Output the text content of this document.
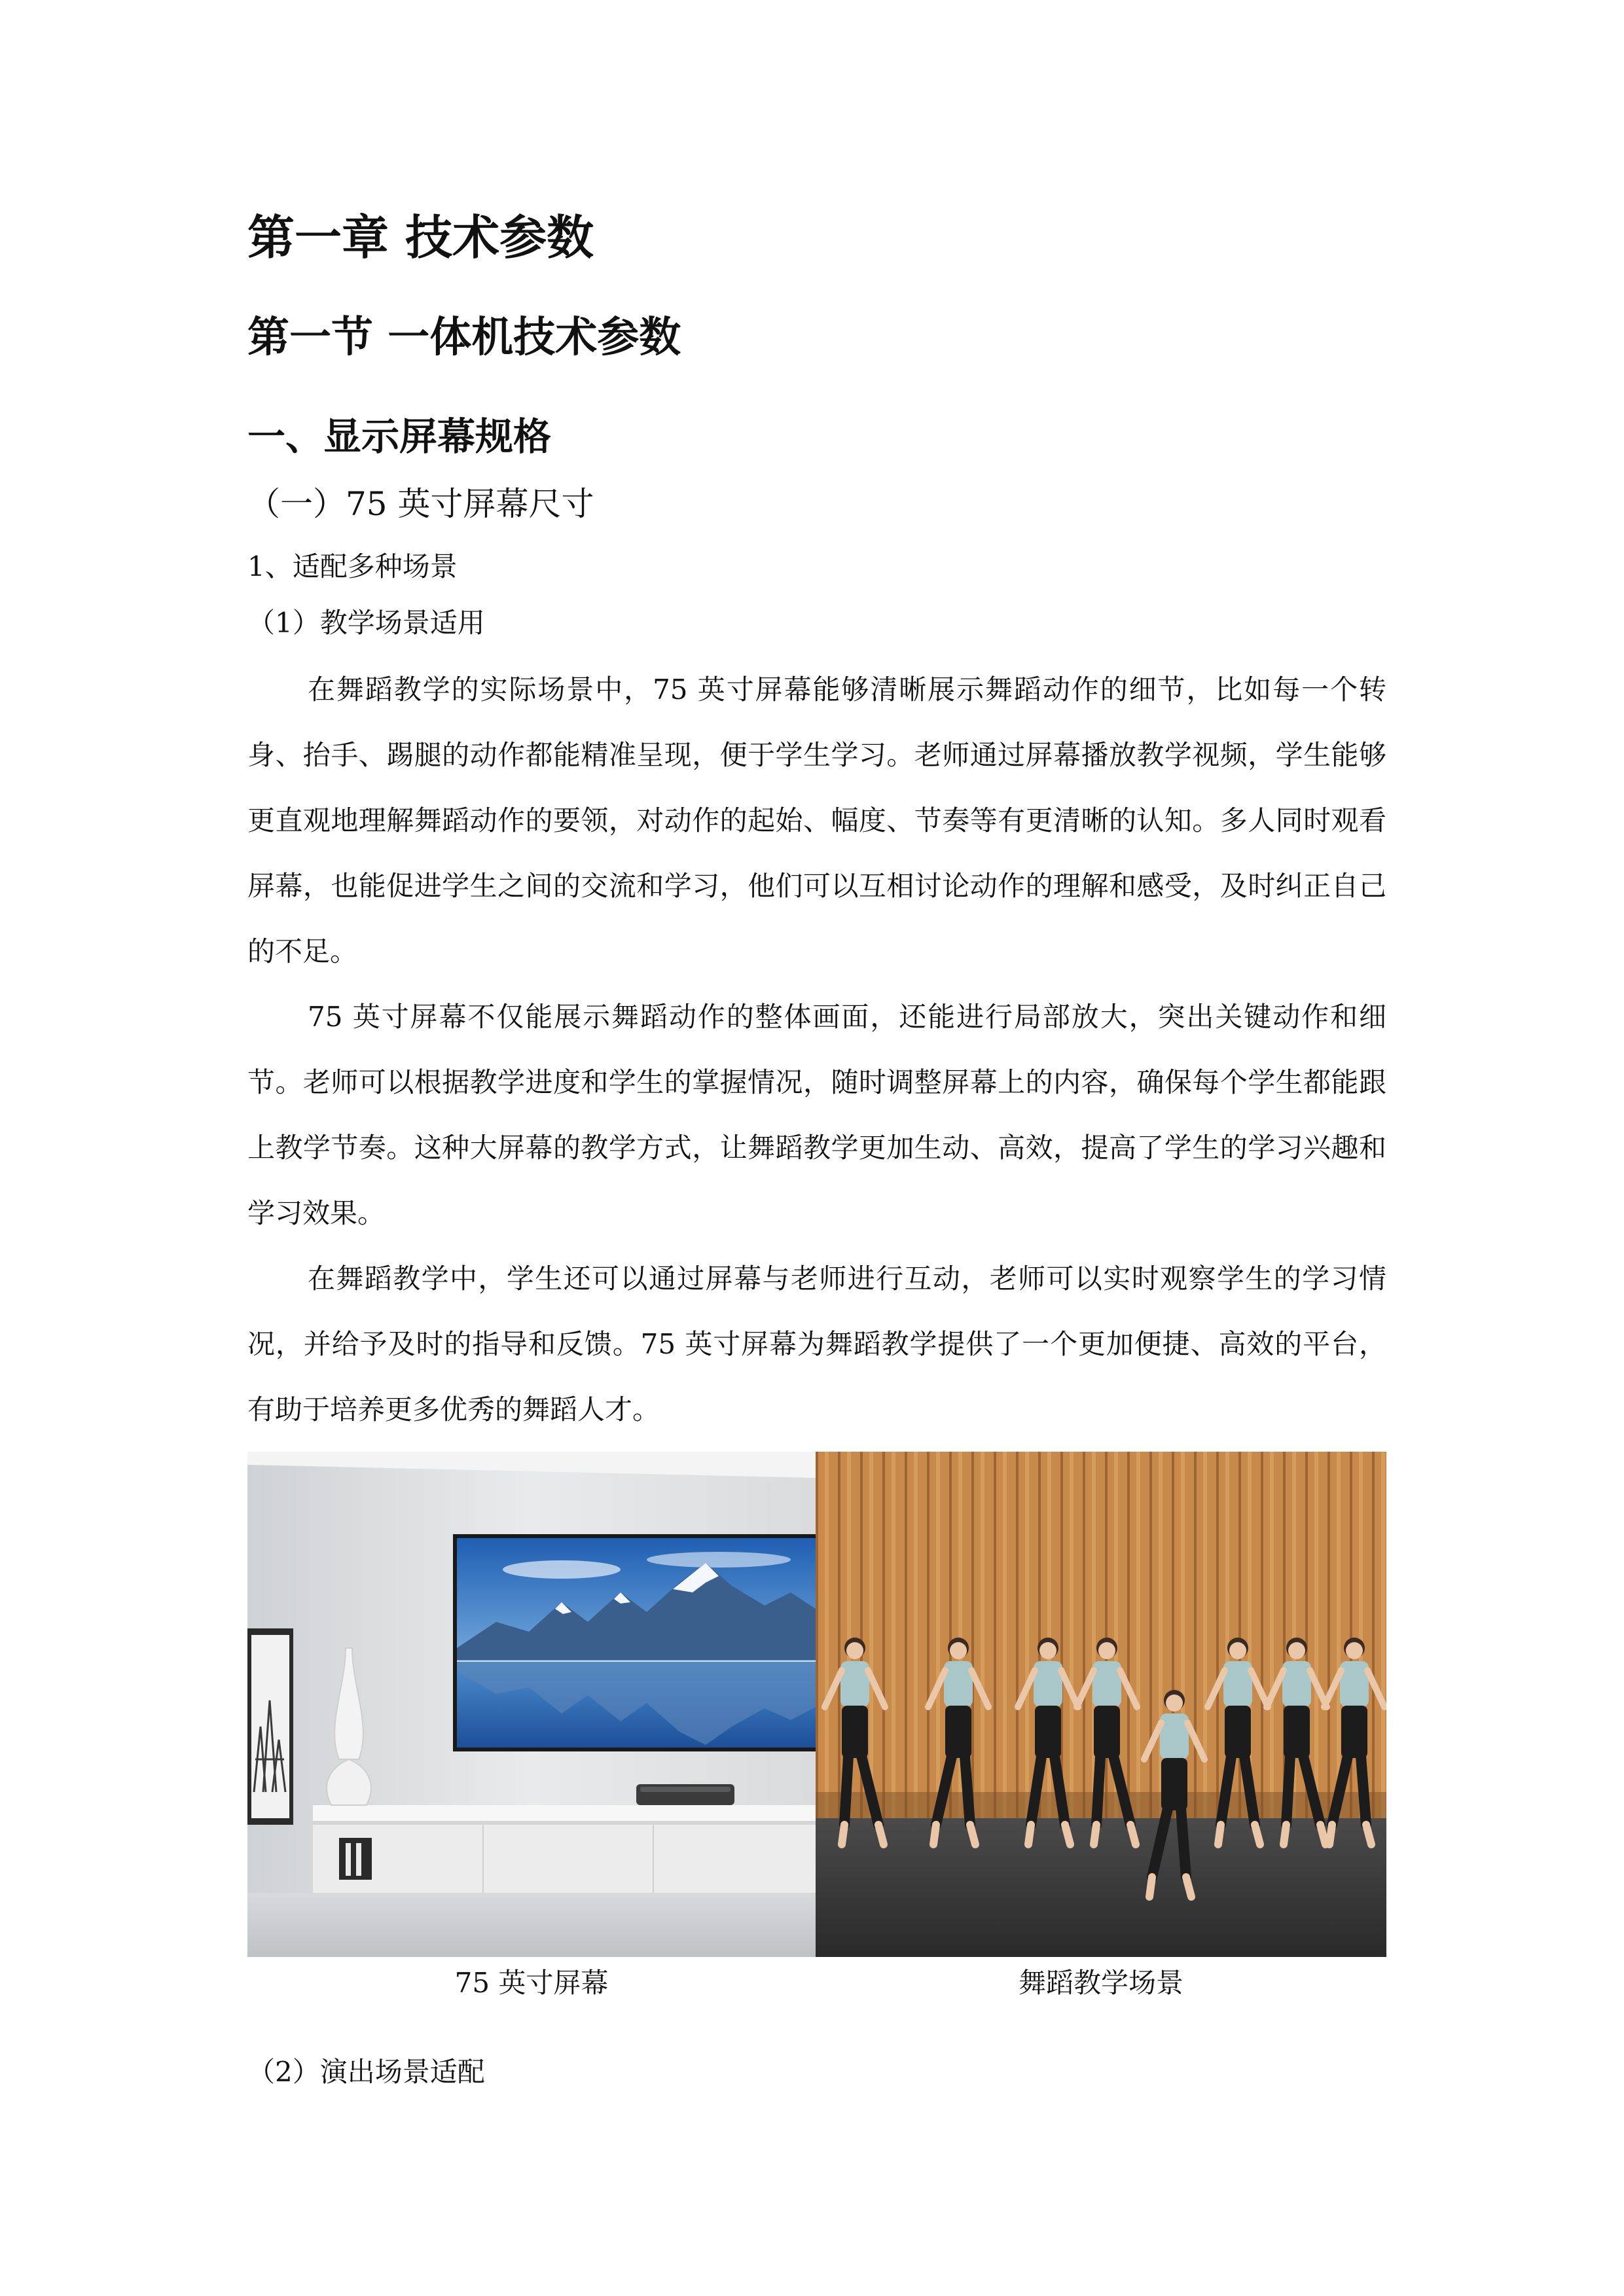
第一章 技术参数
第一节 一体机技术参数
一、显示屏幕规格
（一）75 英寸屏幕尺寸
1、适配多种场景
（1）教学场景适用

在舞蹈教学的实际场景中，75 英寸屏幕能够清晰展示舞蹈动作的细节，比如每一个转身、抬手、踢腿的动作都能精准呈现，便于学生学习。老师通过屏幕播放教学视频，学生能够更直观地理解舞蹈动作的要领，对动作的起始、幅度、节奏等有更清晰的认知。多人同时观看屏幕，也能促进学生之间的交流和学习，他们可以互相讨论动作的理解和感受，及时纠正自己的不足。

75 英寸屏幕不仅能展示舞蹈动作的整体画面，还能进行局部放大，突出关键动作和细节。老师可以根据教学进度和学生的掌握情况，随时调整屏幕上的内容，确保每个学生都能跟上教学节奏。这种大屏幕的教学方式，让舞蹈教学更加生动、高效，提高了学生的学习兴趣和学习效果。

在舞蹈教学中，学生还可以通过屏幕与老师进行互动，老师可以实时观察学生的学习情况，并给予及时的指导和反馈。75 英寸屏幕为舞蹈教学提供了一个更加便捷、高效的平台，有助于培养更多优秀的舞蹈人才。

75 英寸屏幕	舞蹈教学场景
（2）演出场景适配
